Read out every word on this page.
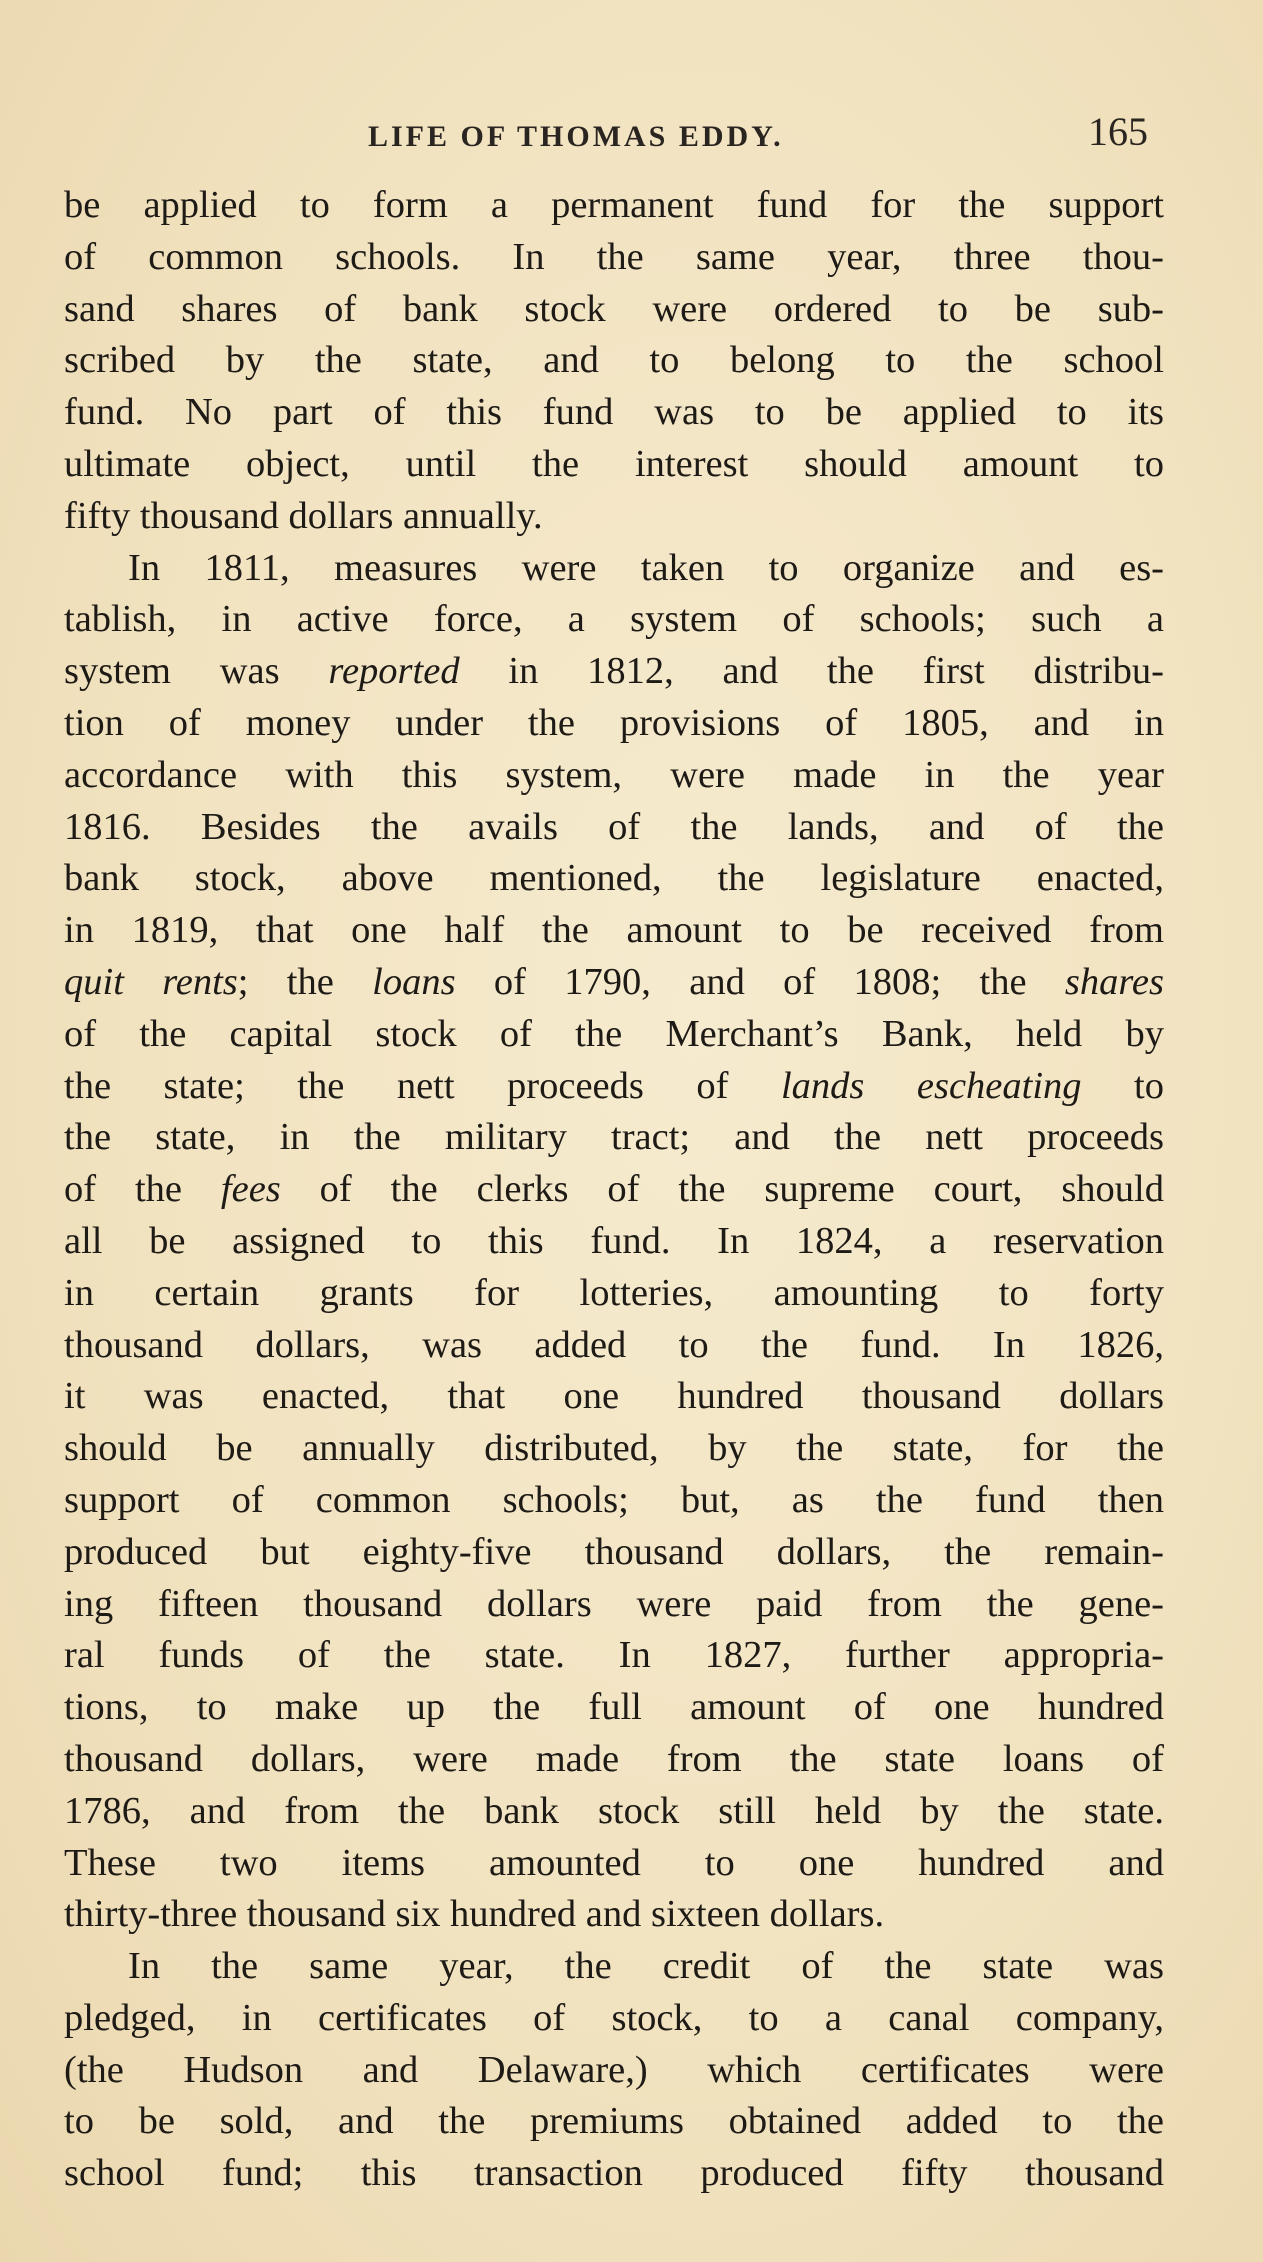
LIFE OF THOMAS EDDY.	165
be applied to form a permanent fund for the support
of common schools. In the same year, three thou-
sand shares of bank stock were ordered to be sub-
scribed by the state, and to belong to the school
fund. No part of this fund was to be applied to its
ultimate object, until the interest should amount to
fifty thousand dollars annually.
In 1811, measures were taken to organize and es-
tablish, in active force, a system of schools; such a
system was reported in 1812, and the first distribu-
tion of money under the provisions of 1805, and in
accordance with this system, were made in the year
1816. Besides the avails of the lands, and of the
bank stock, above mentioned, the legislature enacted,
in 1819, that one half the amount to be received from
quit rents; the loans of 1790, and of 1808; the shares
of the capital stock of the Merchant’s Bank, held by
the state; the nett proceeds of lands escheating to
the state, in the military tract; and the nett proceeds
of the fees of the clerks of the supreme court, should
all be assigned to this fund. In 1824, a reservation
in certain grants for lotteries, amounting to forty
thousand dollars, was added to the fund. In 1826,
it was enacted, that one hundred thousand dollars
should be annually distributed, by the state, for the
support of common schools; but, as the fund then
produced but eighty-five thousand dollars, the remain-
ing fifteen thousand dollars were paid from the gene-
ral funds of the state. In 1827, further appropria-
tions, to make up the full amount of one hundred
thousand dollars, were made from the state loans of
1786, and from the bank stock still held by the state.
These two items amounted to one hundred and
thirty-three thousand six hundred and sixteen dollars.
In the same year, the credit of the state was
pledged, in certificates of stock, to a canal company,
(the Hudson and Delaware,) which certificates were
to be sold, and the premiums obtained added to the
school fund; this transaction produced fifty thousand
